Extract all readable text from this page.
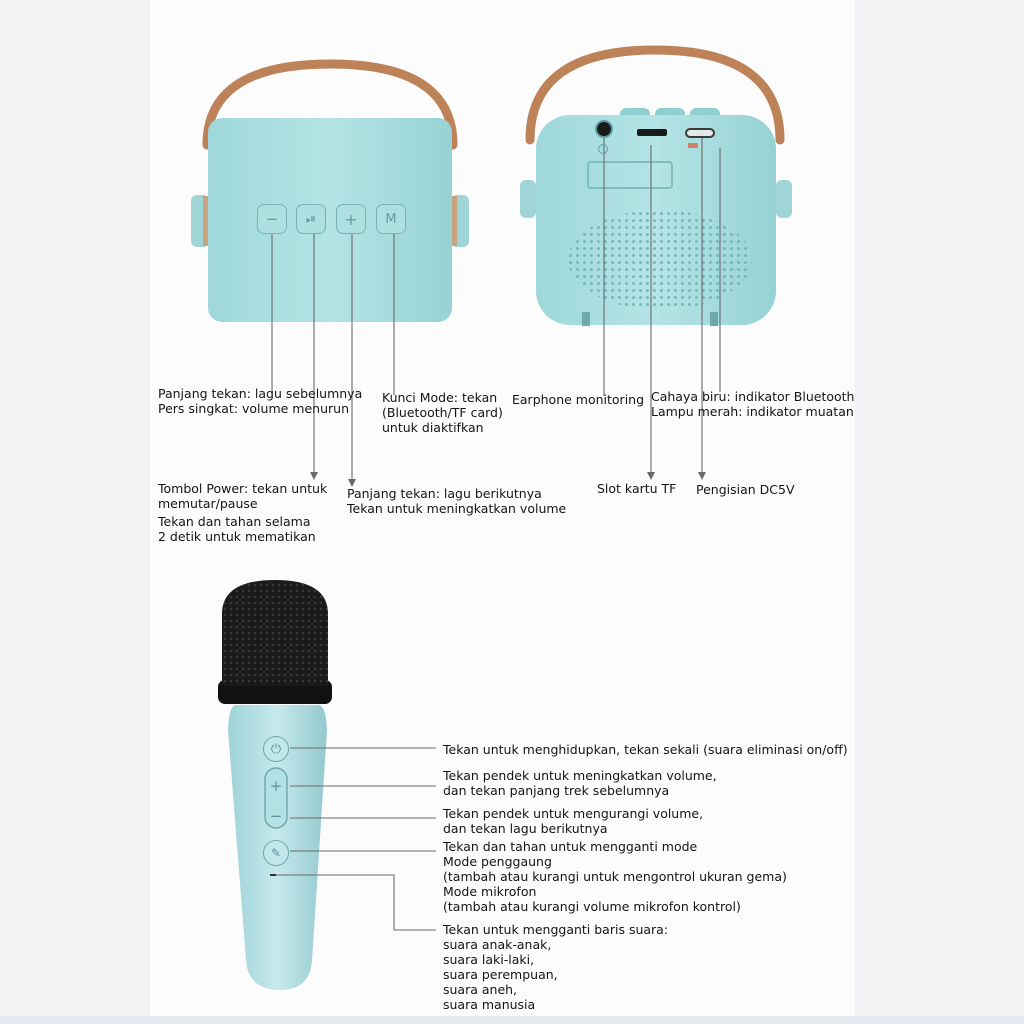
− ⏯ + M
⏻
+
−
✎
Panjang tekan: lagu sebelumnya
Pers singkat: volume menurun
Kunci Mode: tekan
(Bluetooth/TF card)
untuk diaktifkan
Earphone monitoring Cahaya biru: indikator Bluetooth
Lampu merah: indikator muatan
Tombol Power: tekan untuk
memutar/pause
Tekan dan tahan selama
2 detik untuk mematikan
Panjang tekan: lagu berikutnya
Tekan untuk meningkatkan volume
Slot kartu TF Pengisian DC5V
Tekan untuk menghidupkan, tekan sekali (suara eliminasi on/off)
Tekan pendek untuk meningkatkan volume,
dan tekan panjang trek sebelumnya
Tekan pendek untuk mengurangi volume,
dan tekan lagu berikutnya
Tekan dan tahan untuk mengganti mode
Mode penggaung
(tambah atau kurangi untuk mengontrol ukuran gema)
Mode mikrofon
(tambah atau kurangi volume mikrofon kontrol)
Tekan untuk mengganti baris suara:
suara anak-anak,
suara laki-laki,
suara perempuan,
suara aneh,
suara manusia
